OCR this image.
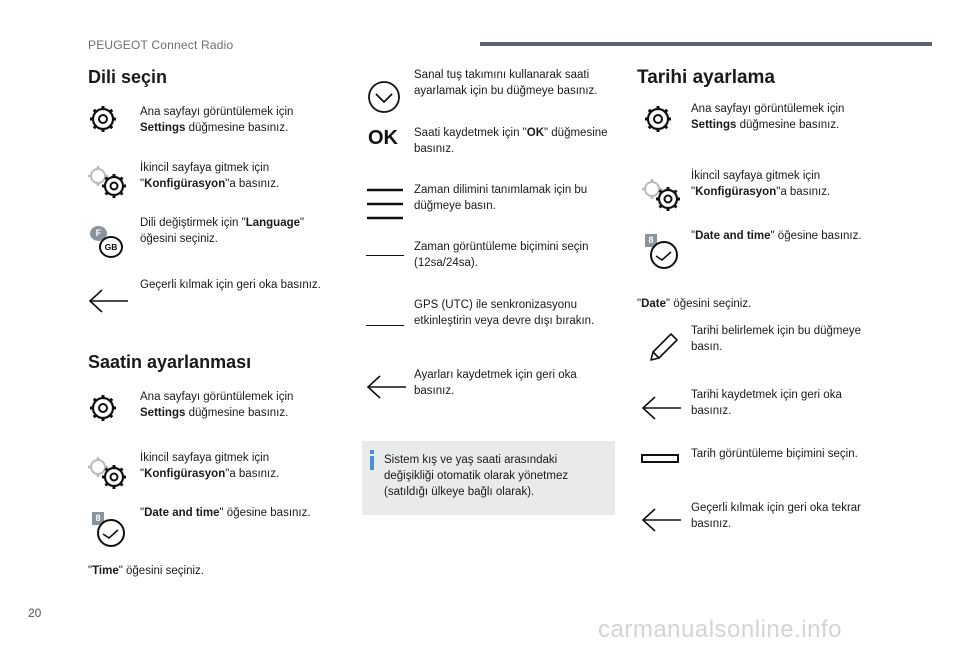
PEUGEOT Connect Radio
Dili seçin
Ana sayfayı görüntülemek için Settings düğmesine basınız.
İkincil sayfaya gitmek için "Konfigürasyon"a basınız.
F
GB
Dili değiştirmek için "Language" öğesini seçiniz.
Geçerli kılmak için geri oka basınız.
Saatin ayarlanması
Ana sayfayı görüntülemek için Settings düğmesine basınız.
İkincil sayfaya gitmek için "Konfigürasyon"a basınız.
8	"Date and time" öğesine basınız.
"Time" öğesini seçiniz.
Sanal tuş takımını kullanarak saati ayarlamak için bu düğmeye basınız.
OK Saati kaydetmek için "OK" düğmesine basınız.
Zaman dilimini tanımlamak için bu düğmeye basın.
Zaman görüntüleme biçimini seçin (12sa/24sa).
GPS (UTC) ile senkronizasyonu etkinleştirin veya devre dışı bırakın.
Ayarları kaydetmek için geri oka basınız.
Sistem kış ve yaş saati arasındaki değişikliği otomatik olarak yönetmez (satıldığı ülkeye bağlı olarak).
Tarihi ayarlama
Ana sayfayı görüntülemek için Settings düğmesine basınız.
İkincil sayfaya gitmek için "Konfigürasyon"a basınız.
8	"Date and time" öğesine basınız.
"Date" öğesini seçiniz.
Tarihi belirlemek için bu düğmeye basın.
Tarihi kaydetmek için geri oka basınız.
Tarih görüntüleme biçimini seçin.
Geçerli kılmak için geri oka tekrar basınız.
20
carmanualsonline.info
